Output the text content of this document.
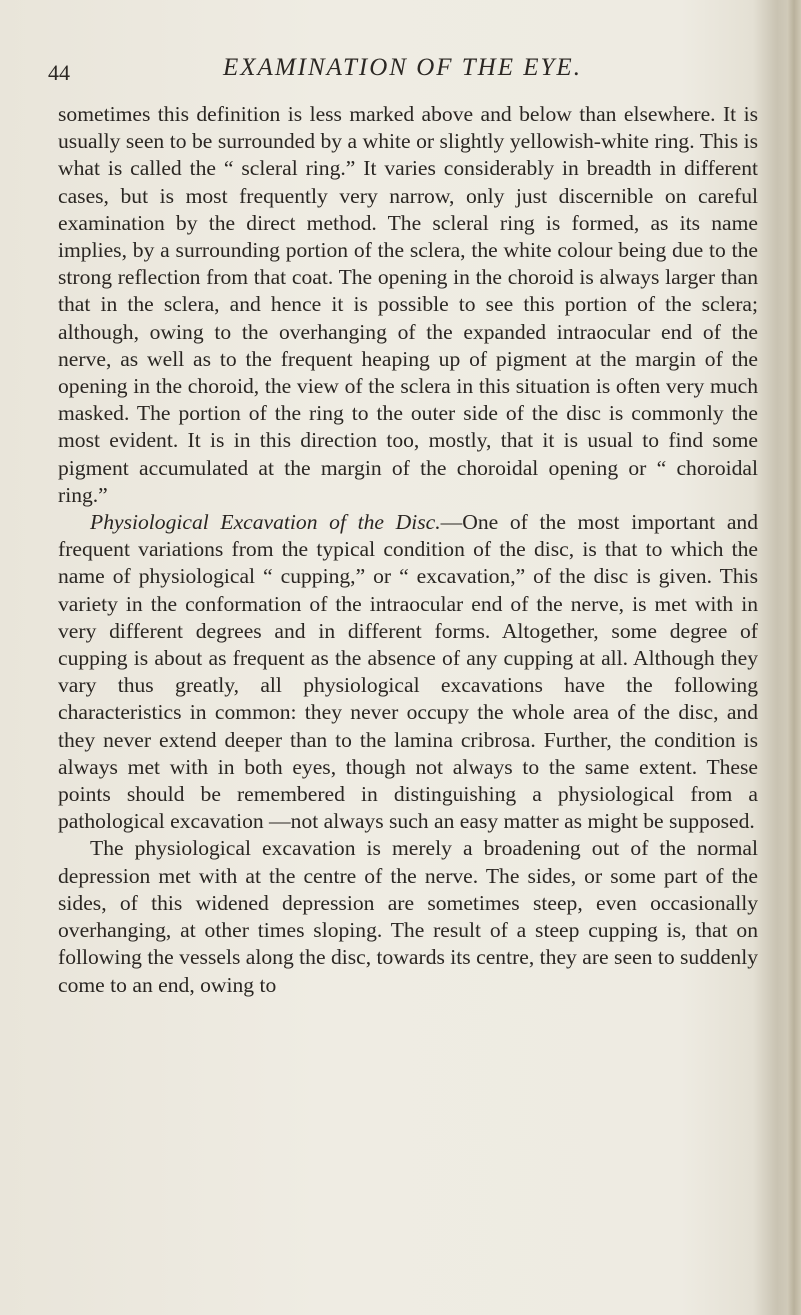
44	EXAMINATION OF THE EYE.

sometimes this definition is less marked above and below than elsewhere. It is usually seen to be surrounded by a white or slightly yellowish-white ring. This is what is called the “ scleral ring.” It varies considerably in breadth in different cases, but is most frequently very narrow, only just discernible on careful examination by the direct method. The scleral ring is formed, as its name implies, by a surrounding portion of the sclera, the white colour being due to the strong reflection from that coat. The opening in the choroid is always larger than that in the sclera, and hence it is possible to see this portion of the sclera; although, owing to the overhanging of the expanded intraocular end of the nerve, as well as to the frequent heaping up of pigment at the margin of the opening in the choroid, the view of the sclera in this situation is often very much masked. The portion of the ring to the outer side of the disc is commonly the most evident. It is in this direction too, mostly, that it is usual to find some pigment accumulated at the margin of the choroidal opening or “ choroidal ring.”

Physiological Excavation of the Disc.—One of the most important and frequent variations from the typical condition of the disc, is that to which the name of physiological “ cupping,” or “ excavation,” of the disc is given. This variety in the conformation of the intraocular end of the nerve, is met with in very different degrees and in different forms. Altogether, some degree of cupping is about as frequent as the absence of any cupping at all. Although they vary thus greatly, all physiological excavations have the following characteristics in common: they never occupy the whole area of the disc, and they never extend deeper than to the lamina cribrosa. Further, the condition is always met with in both eyes, though not always to the same extent. These points should be remembered in distinguishing a physiological from a pathological excavation —not always such an easy matter as might be supposed.

The physiological excavation is merely a broadening out of the normal depression met with at the centre of the nerve. The sides, or some part of the sides, of this widened depression are sometimes steep, even occasionally overhanging, at other times sloping. The result of a steep cupping is, that on following the vessels along the disc, towards its centre, they are seen to suddenly come to an end, owing to
